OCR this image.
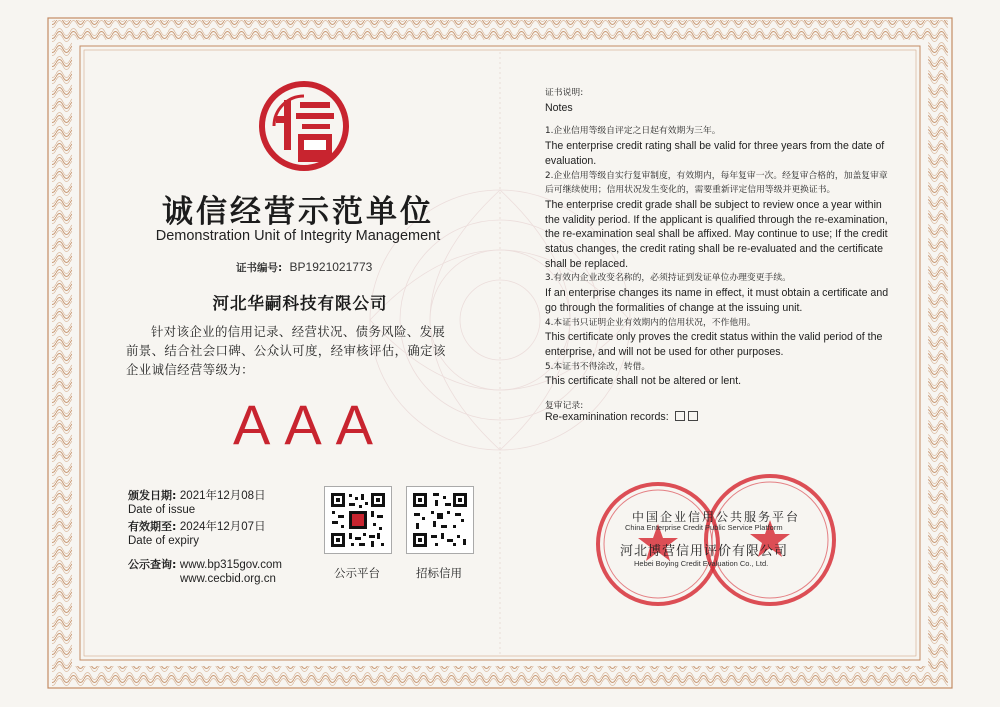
诚信经营示范单位
Demonstration Unit of Integrity Management
证书编号: BP1921021773
河北华嗣科技有限公司
针对该企业的信用记录、经营状况、债务风险、发展
前景、结合社会口碑、公众认可度，经审核评估，确定该
企业诚信经营等级为：
AAA
颁发日期: 2021年12月08日
Date of issue
有效期至: 2024年12月07日
Date of expiry
公示查询: www.bp315gov.com
www.cecbid.org.cn	公示平台	招标信用

证书说明:

Notes

1.企业信用等级自评定之日起有效期为三年。

The enterprise credit rating shall be valid for three years from the date of evaluation.

2.企业信用等级自实行复审制度，有效期内，每年复审一次。经复审合格的，加盖复审章后可继续使用；信用状况发生变化的，需要重新评定信用等级并更换证书。

The enterprise credit grade shall be subject to review once a year within the validity period. If the applicant is qualified through the re-examination, the re-examination seal shall be affixed. May continue to use; If the credit status changes, the credit rating shall be re-evaluated and the certificate shall be replaced.

3.有效内企业改变名称的，必须持证到发证单位办理变更手续。

If an enterprise changes its name in effect, it must obtain a certificate and go through the formalities of change at the issuing unit.

4.本证书只证明企业有效期内的信用状况，不作他用。

This certificate only proves the credit status within the valid period of the enterprise, and will not be used for other purposes.

5.本证书不得涂改，转借。

This certificate shall not be altered or lent.

复审记录:
Re-examinination records:
中国企业信用公共服务平台
China Enterprise Credit Public Service Platform
河北博营信用评价有限公司
Hebei Boying Credit Evaluation Co., Ltd.
